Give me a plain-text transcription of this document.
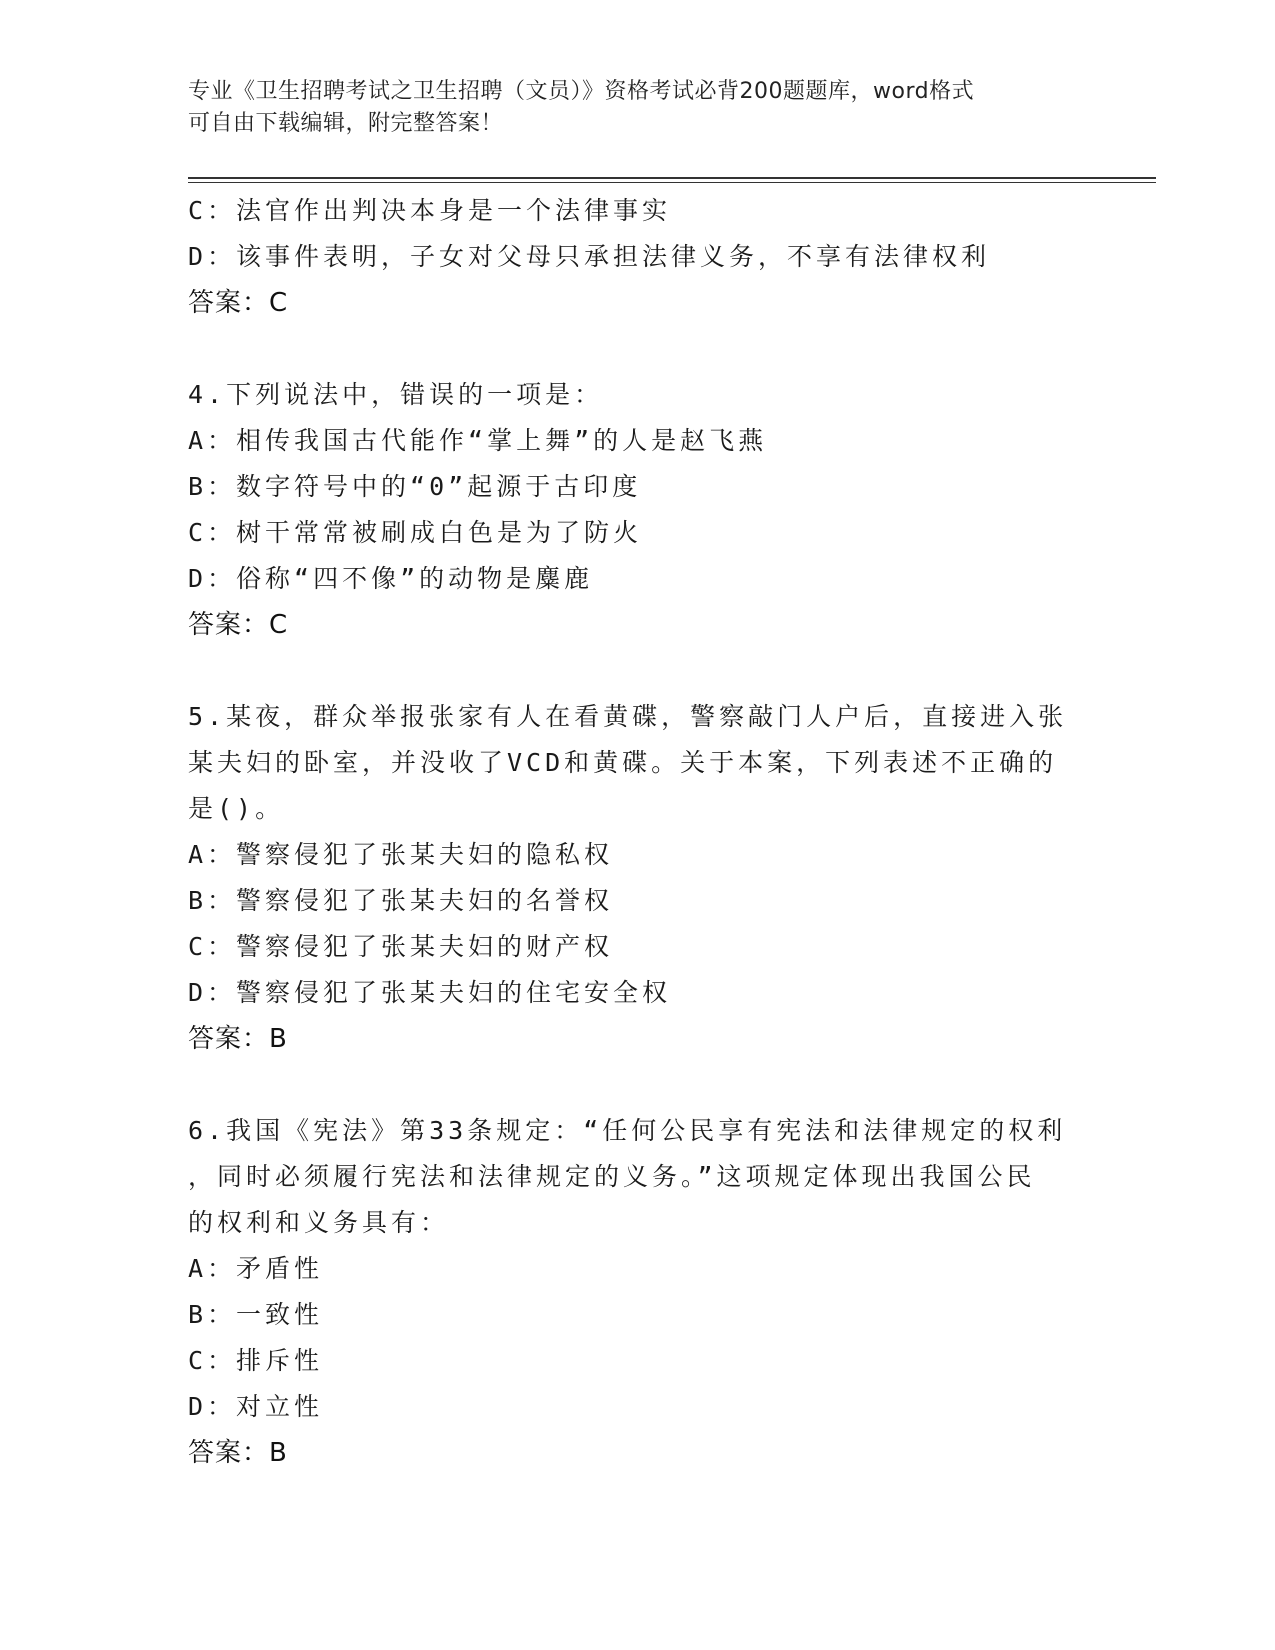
专业《卫生招聘考试之卫生招聘（文员）》资格考试必背200题题库，word格式
可自由下载编辑，附完整答案！
C：法官作出判决本身是一个法律事实
D：该事件表明，子女对父母只承担法律义务，不享有法律权利
答案：C
4.下列说法中，错误的一项是：
A：相传我国古代能作“掌上舞”的人是赵飞燕
B：数字符号中的“0”起源于古印度
C：树干常常被刷成白色是为了防火
D：俗称“四不像”的动物是麋鹿
答案：C
5.某夜，群众举报张家有人在看黄碟，警察敲门人户后，直接进入张
某夫妇的卧室，并没收了VCD和黄碟。关于本案，下列表述不正确的
是()。
A：警察侵犯了张某夫妇的隐私权
B：警察侵犯了张某夫妇的名誉权
C：警察侵犯了张某夫妇的财产权
D：警察侵犯了张某夫妇的住宅安全权
答案：B
6.我国《宪法》第33条规定：“任何公民享有宪法和法律规定的权利
，同时必须履行宪法和法律规定的义务。”这项规定体现出我国公民
的权利和义务具有：
A：矛盾性
B：一致性
C：排斥性
D：对立性
答案：B
